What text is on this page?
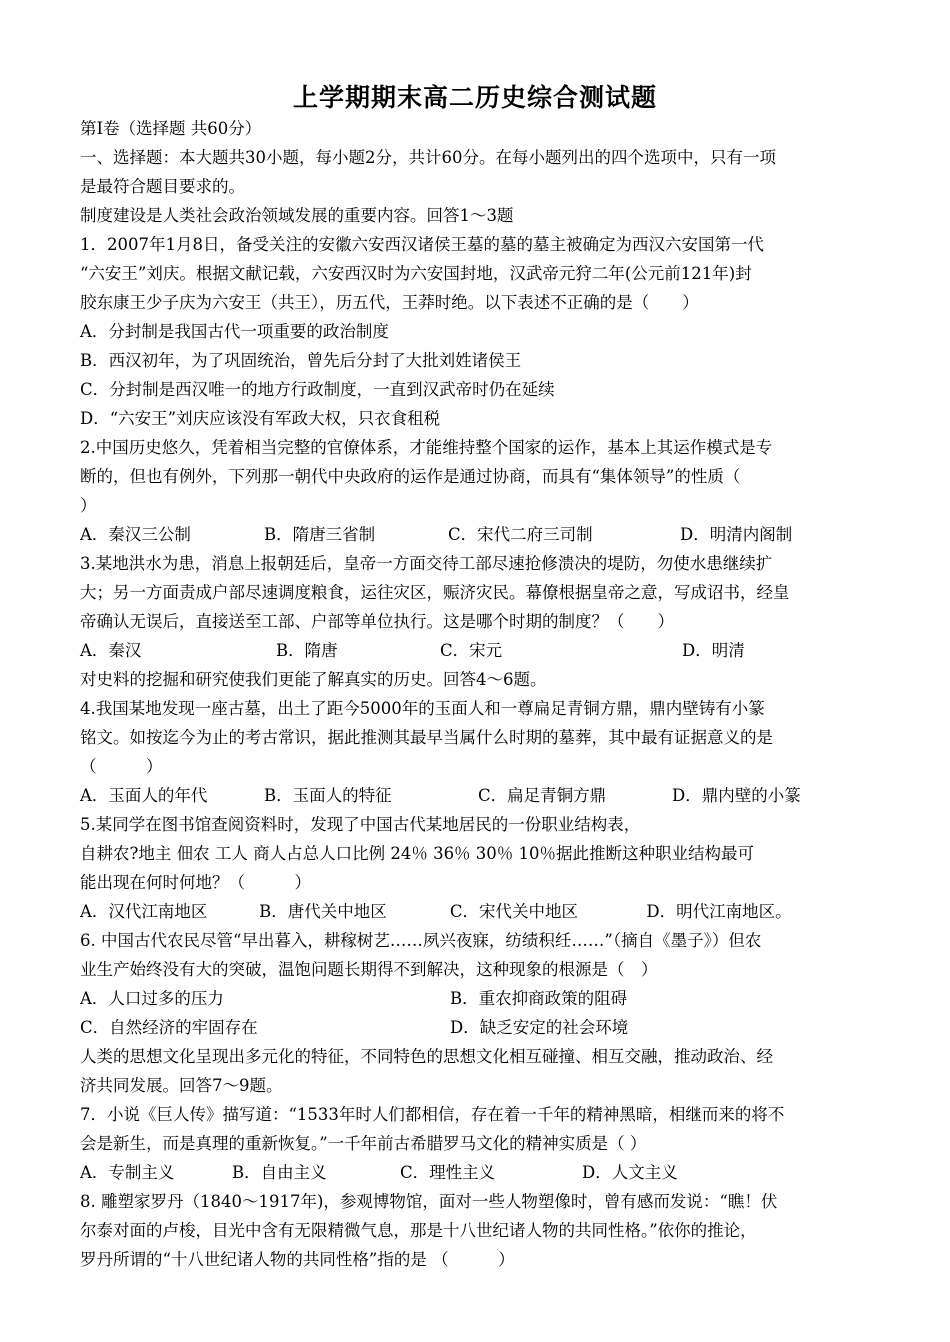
上学期期末高二历史综合测试题
第Ⅰ卷（选择题 共60分）
一、选择题：本大题共30小题，每小题2分，共计60分。在每小题列出的四个选项中，只有一项
是最符合题目要求的。
制度建设是人类社会政治领域发展的重要内容。回答1～3题
1．2007年1月8日，备受关注的安徽六安西汉诸侯王墓的墓的墓主被确定为西汉六安国第一代
“六安王”刘庆。根据文献记载，六安西汉时为六安国封地，汉武帝元狩二年(公元前121年)封
胶东康王少子庆为六安王（共王），历五代，王莽时绝。以下表述不正确的是（　　）
A．分封制是我国古代一项重要的政治制度
B．西汉初年，为了巩固统治，曾先后分封了大批刘姓诸侯王
C．分封制是西汉唯一的地方行政制度，一直到汉武帝时仍在延续
D．“六安王”刘庆应该没有军政大权，只衣食租税
2.中国历史悠久，凭着相当完整的官僚体系，才能维持整个国家的运作，基本上其运作模式是专
断的，但也有例外，下列那一朝代中央政府的运作是通过协商，而具有“集体领导”的性质（
）
A．秦汉三公制	B．隋唐三省制	C．宋代二府三司制	D．明清内阁制
3.某地洪水为患，消息上报朝廷后，皇帝一方面交待工部尽速抢修溃决的堤防，勿使水患继续扩
大；另一方面责成户部尽速调度粮食，运往灾区，赈济灾民。幕僚根据皇帝之意，写成诏书，经皇
帝确认无误后，直接送至工部、户部等单位执行。这是哪个时期的制度？（　　）
A．秦汉	B．隋唐	C．宋元	D．明清
对史料的挖掘和研究使我们更能了解真实的历史。回答4～6题。
4.我国某地发现一座古墓，出土了距今5000年的玉面人和一尊扁足青铜方鼎，鼎内壁铸有小篆
铭文。如按迄今为止的考古常识，据此推测其最早当属什么时期的墓葬，其中最有证据意义的是
（　　　）
A．玉面人的年代	B．玉面人的特征	C．扁足青铜方鼎	D．鼎内壁的小篆
5.某同学在图书馆查阅资料时，发现了中国古代某地居民的一份职业结构表，
自耕农?地主 佃农 工人 商人占总人口比例 24％ 36％ 30％ 10％据此推断这种职业结构最可
能出现在何时何地？（　　　）
A．汉代江南地区	B．唐代关中地区	C．宋代关中地区	D．明代江南地区。
6. 中国古代农民尽管“早出暮入，耕稼树艺……夙兴夜寐，纺绩积纴……”（摘自《墨子》）但农
业生产始终没有大的突破，温饱问题长期得不到解决，这种现象的根源是（　）
A．人口过多的压力	B．重农抑商政策的阻碍
C．自然经济的牢固存在	D．缺乏安定的社会环境
人类的思想文化呈现出多元化的特征，不同特色的思想文化相互碰撞、相互交融，推动政治、经
济共同发展。回答7～9题。
7．小说《巨人传》描写道：“1533年时人们都相信，存在着一千年的精神黑暗，相继而来的将不
会是新生，而是真理的重新恢复。”一千年前古希腊罗马文化的精神实质是（ ）
A．专制主义	B．自由主义	C．理性主义	D．人文主义
8. 雕塑家罗丹（1840～1917年)，参观博物馆，面对一些人物塑像时，曾有感而发说：“瞧！伏
尔泰对面的卢梭，目光中含有无限精微气息，那是十八世纪诸人物的共同性格。”依你的推论，
罗丹所谓的“十八世纪诸人物的共同性格”指的是 （　　　）
